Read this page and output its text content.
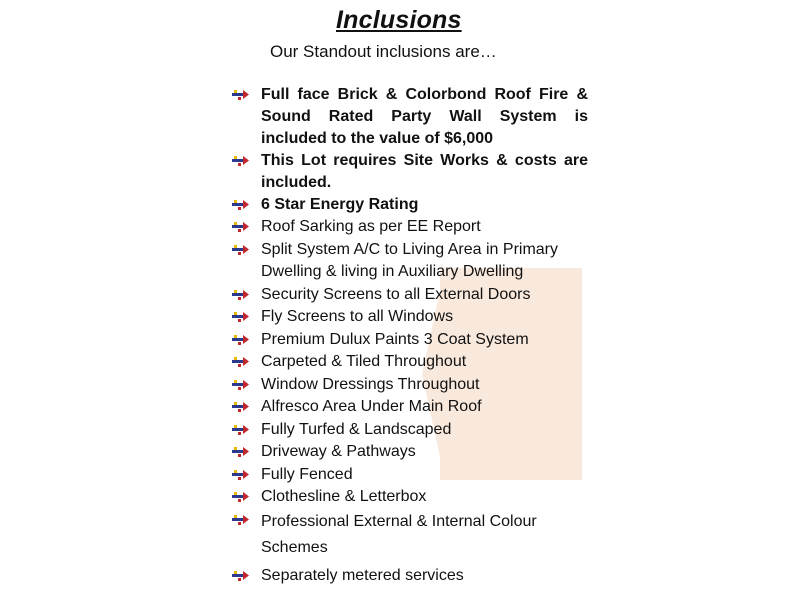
Inclusions

Our Standout inclusions are…

Full face Brick & Colorbond Roof Fire & Sound Rated Party Wall System is included to the value of $6,000
This Lot requires Site Works & costs are included.
6 Star Energy Rating
Roof Sarking as per EE Report
Split System A/C to Living Area in Primary Dwelling & living in Auxiliary Dwelling
Security Screens to all External Doors
Fly Screens to all Windows
Premium Dulux Paints 3 Coat System
Carpeted & Tiled Throughout
Window Dressings Throughout
Alfresco Area Under Main Roof
Fully Turfed & Landscaped
Driveway & Pathways
Fully Fenced
Clothesline & Letterbox
Professional External & Internal Colour Schemes
Separately metered services
